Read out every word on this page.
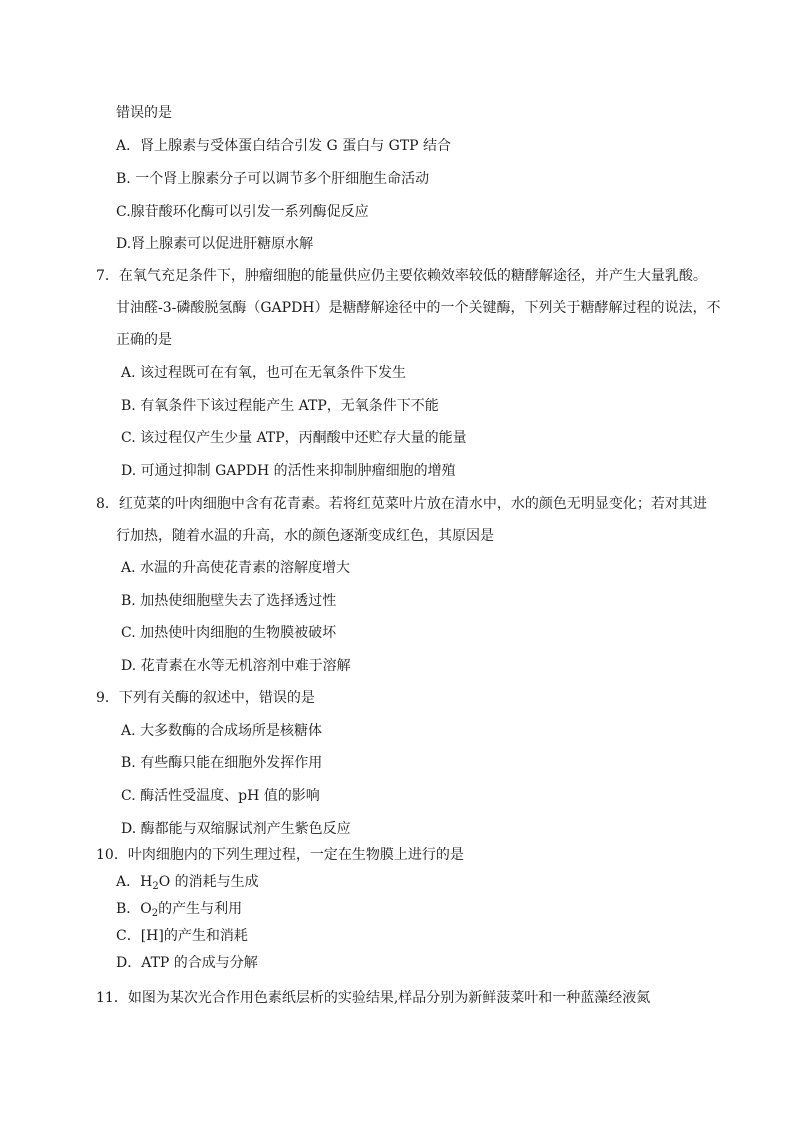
错误的是
A．肾上腺素与受体蛋白结合引发 G 蛋白与 GTP 结合
B. 一个肾上腺素分子可以调节多个肝细胞生命活动
C.腺苷酸环化酶可以引发一系列酶促反应
D.肾上腺素可以促进肝糖原水解
7．在氧气充足条件下，肿瘤细胞的能量供应仍主要依赖效率较低的糖酵解途径，并产生大量乳酸。
甘油醛-3-磷酸脱氢酶（GAPDH）是糖酵解途径中的一个关键酶，下列关于糖酵解过程的说法，不
正确的是
A. 该过程既可在有氧，也可在无氧条件下发生
B. 有氧条件下该过程能产生 ATP，无氧条件下不能
C. 该过程仅产生少量 ATP，丙酮酸中还贮存大量的能量
D. 可通过抑制 GAPDH 的活性来抑制肿瘤细胞的增殖
8．红苋菜的叶肉细胞中含有花青素。若将红苋菜叶片放在清水中，水的颜色无明显变化；若对其进
行加热，随着水温的升高，水的颜色逐渐变成红色，其原因是
A. 水温的升高使花青素的溶解度增大
B. 加热使细胞壁失去了选择透过性
C. 加热使叶肉细胞的生物膜被破坏
D. 花青素在水等无机溶剂中难于溶解
9．下列有关酶的叙述中，错误的是
A. 大多数酶的合成场所是核糖体
B. 有些酶只能在细胞外发挥作用
C. 酶活性受温度、pH 值的影响
D. 酶都能与双缩脲试剂产生紫色反应
10．叶肉细胞内的下列生理过程，一定在生物膜上进行的是
A．$H_2O$ 的消耗与生成
B．$O_2$的产生与利用
C．[H]的产生和消耗
D．ATP 的合成与分解
11．如图为某次光合作用色素纸层析的实验结果,样品分别为新鲜菠菜叶和一种蓝藻经液氮
